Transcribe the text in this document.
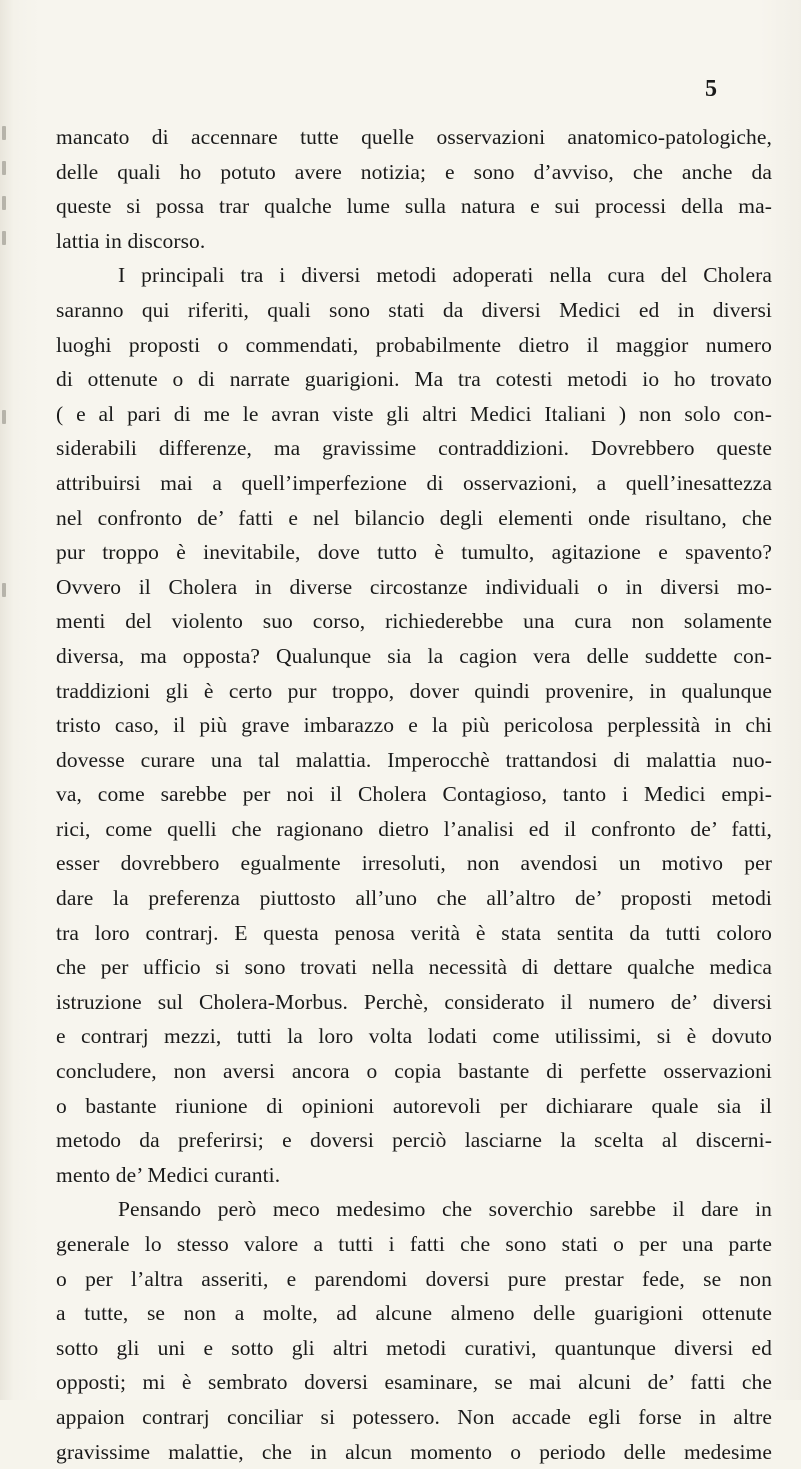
5
mancato di accennare tutte quelle osservazioni anatomico-patologiche,
delle quali ho potuto avere notizia; e sono d’avviso, che anche da
queste si possa trar qualche lume sulla natura e sui processi della ma-
lattia in discorso.
I principali tra i diversi metodi adoperati nella cura del Cholera
saranno qui riferiti, quali sono stati da diversi Medici ed in diversi
luoghi proposti o commendati, probabilmente dietro il maggior numero
di ottenute o di narrate guarigioni. Ma tra cotesti metodi io ho trovato
( e al pari di me le avran viste gli altri Medici Italiani ) non solo con-
siderabili differenze, ma gravissime contraddizioni. Dovrebbero queste
attribuirsi mai a quell’imperfezione di osservazioni, a quell’inesattezza
nel confronto de’ fatti e nel bilancio degli elementi onde risultano, che
pur troppo è inevitabile, dove tutto è tumulto, agitazione e spavento?
Ovvero il Cholera in diverse circostanze individuali o in diversi mo-
menti del violento suo corso, richiederebbe una cura non solamente
diversa, ma opposta? Qualunque sia la cagion vera delle suddette con-
traddizioni gli è certo pur troppo, dover quindi provenire, in qualunque
tristo caso, il più grave imbarazzo e la più pericolosa perplessità in chi
dovesse curare una tal malattia. Imperocchè trattandosi di malattia nuo-
va, come sarebbe per noi il Cholera Contagioso, tanto i Medici empi-
rici, come quelli che ragionano dietro l’analisi ed il confronto de’ fatti,
esser dovrebbero egualmente irresoluti, non avendosi un motivo per
dare la preferenza piuttosto all’uno che all’altro de’ proposti metodi
tra loro contrarj. E questa penosa verità è stata sentita da tutti coloro
che per ufficio si sono trovati nella necessità di dettare qualche medica
istruzione sul Cholera-Morbus. Perchè, considerato il numero de’ diversi
e contrarj mezzi, tutti la loro volta lodati come utilissimi, si è dovuto
concludere, non aversi ancora o copia bastante di perfette osservazioni
o bastante riunione di opinioni autorevoli per dichiarare quale sia il
metodo da preferirsi; e doversi perciò lasciarne la scelta al discerni-
mento de’ Medici curanti.
Pensando però meco medesimo che soverchio sarebbe il dare in
generale lo stesso valore a tutti i fatti che sono stati o per una parte
o per l’altra asseriti, e parendomi doversi pure prestar fede, se non
a tutte, se non a molte, ad alcune almeno delle guarigioni ottenute
sotto gli uni e sotto gli altri metodi curativi, quantunque diversi ed
opposti; mi è sembrato doversi esaminare, se mai alcuni de’ fatti che
appaion contrarj conciliar si potessero. Non accade egli forse in altre
gravissime malattie, che in alcun momento o periodo delle medesime
